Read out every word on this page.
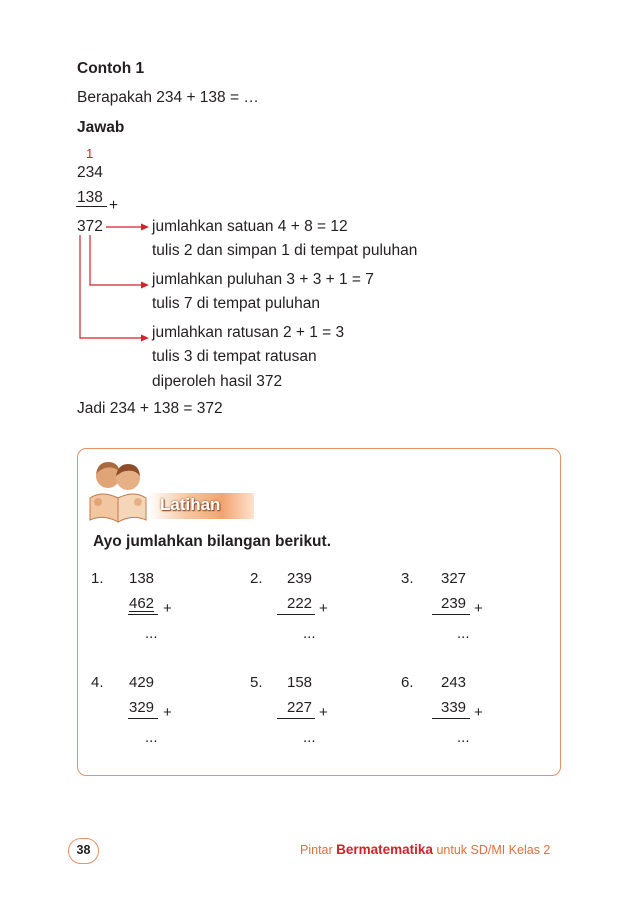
Contoh 1
Berapakah 234 + 138 = …
Jawab
1
234
138 +
372	jumlahkan satuan 4 + 8 = 12
tulis 2 dan simpan 1 di tempat puluhan
jumlahkan puluhan 3 + 3 + 1 = 7
tulis 7 di tempat puluhan
jumlahkan ratusan 2 + 1 = 3
tulis 3 di tempat ratusan
diperoleh hasil 372
Jadi 234 + 138 = 372
Latihan
Ayo jumlahkan bilangan berikut.
1. 138
462 +
...
2. 239
222 +
...
3. 327
239 +
...
4. 429
329 +
...
5. 158
227 +
...
6. 243
339 +
...
38	Pintar Bermatematika untuk SD/MI Kelas 2
